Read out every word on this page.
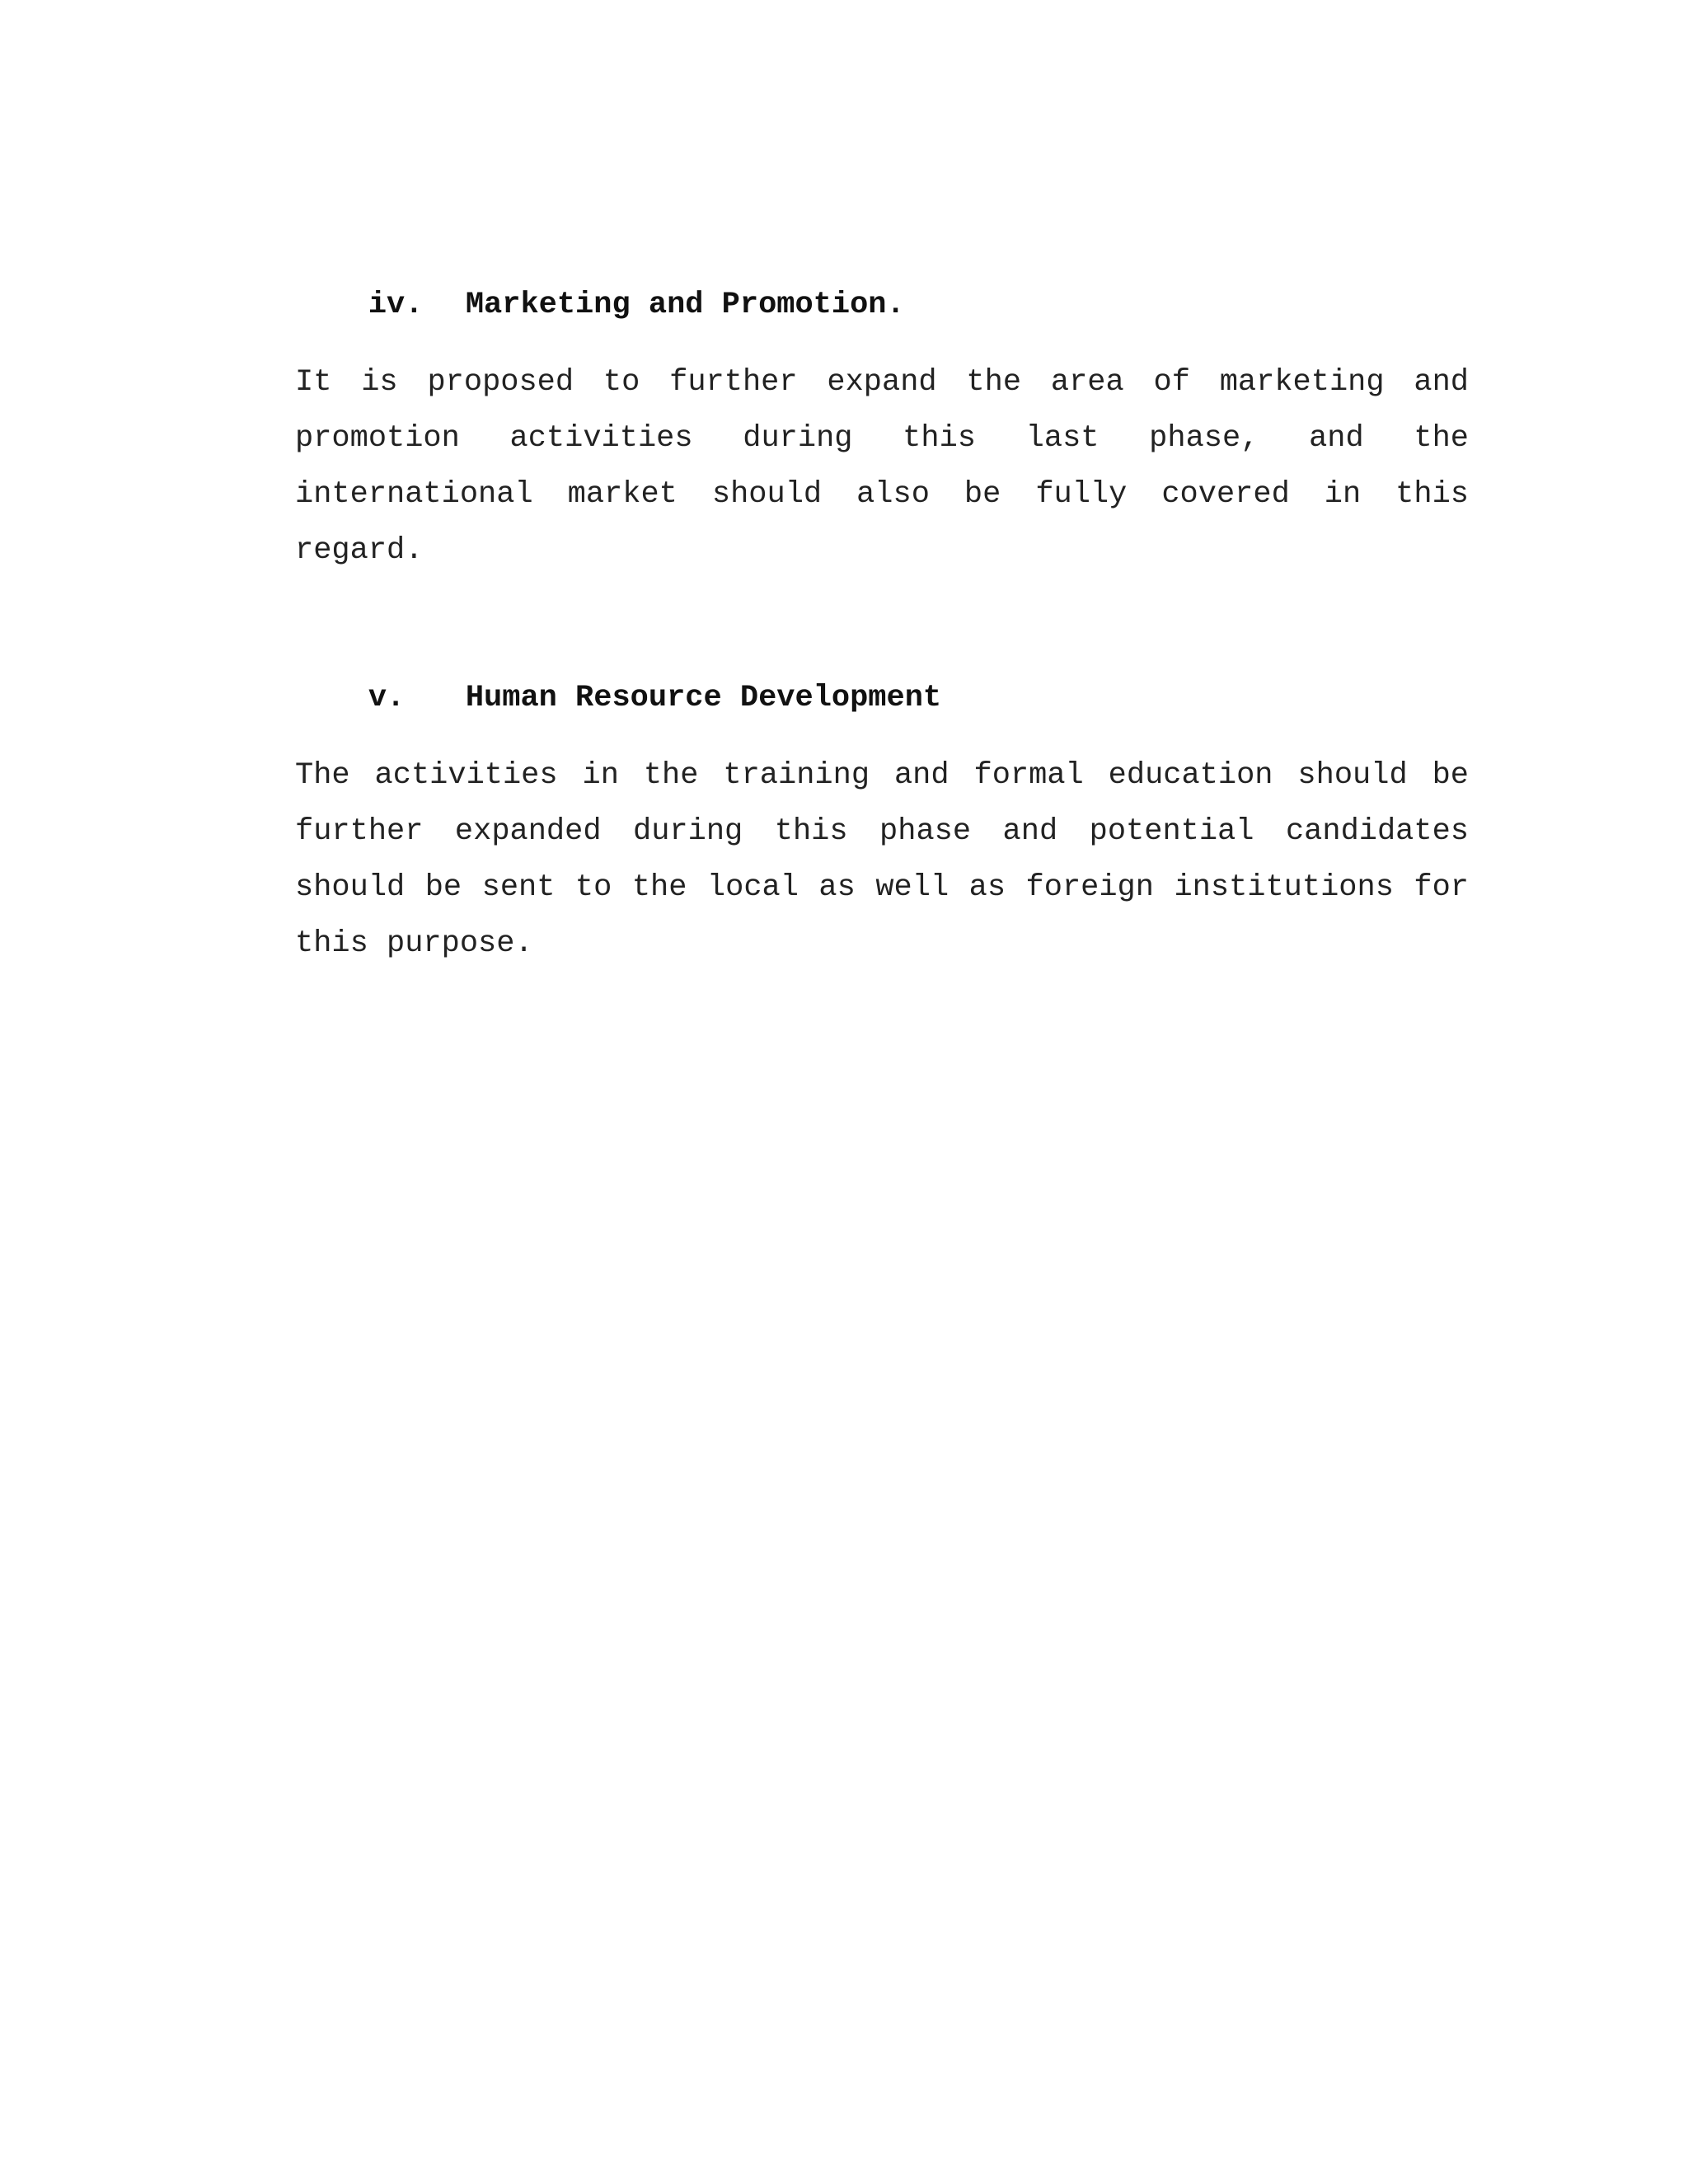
iv. Marketing and Promotion.

It is proposed to further expand the area of marketing and promotion activities during this last phase, and the international market should also be fully covered in this regard.

v. Human Resource Development

The activities in the training and formal education should be further expanded during this phase and potential candidates should be sent to the local as well as foreign institutions for this purpose.
